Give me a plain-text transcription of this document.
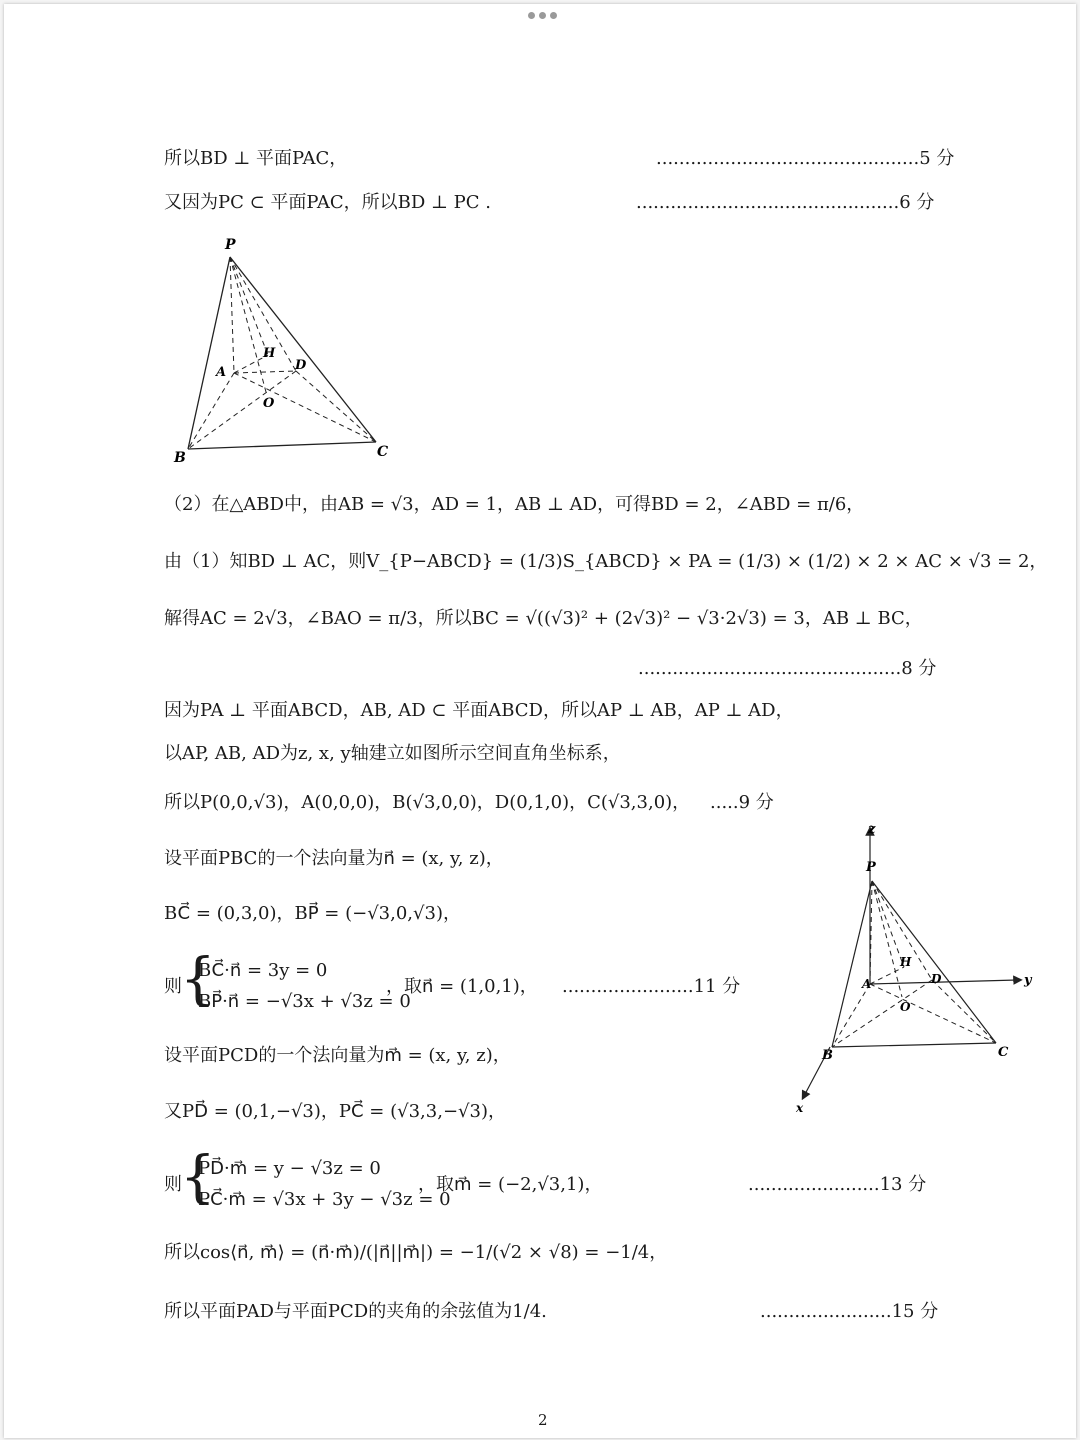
所以BD ⊥ 平面PAC，	..............................................5 分
又因为PC ⊂ 平面PAC，所以BD ⊥ PC .	..............................................6 分
P
A
H
D
O
B	C
（2）在△ABD中，由AB = √3，AD = 1，AB ⊥ AD，可得BD = 2，∠ABD = π/6，
由（1）知BD ⊥ AC，则V_{P−ABCD} = (1/3)S_{ABCD} × PA = (1/3) × (1/2) × 2 × AC × √3 = 2，
解得AC = 2√3，∠BAO = π/3，所以BC = √((√3)² + (2√3)² − √3·2√3) = 3，AB ⊥ BC，
..............................................8 分
因为PA ⊥ 平面ABCD，AB, AD ⊂ 平面ABCD，所以AP ⊥ AB，AP ⊥ AD，
以AP, AB, AD为z, x, y轴建立如图所示空间直角坐标系，
所以P(0,0,√3)，A(0,0,0)，B(√3,0,0)，D(0,1,0)，C(√3,3,0)， .....9 分
设平面PBC的一个法向量为n⃗ = (x, y, z)，
BC⃗ = (0,3,0)，BP⃗ = (−√3,0,√3)，
则
{
BC⃗·n⃗ = 3y = 0
BP⃗·n⃗ = −√3x + √3z = 0
，取n⃗ = (1,0,1)， .......................11 分
设平面PCD的一个法向量为m⃗ = (x, y, z)，
又PD⃗ = (0,1,−√3)，PC⃗ = (√3,3,−√3)，
则
{
PD⃗·m⃗ = y − √3z = 0
PC⃗·m⃗ = √3x + 3y − √3z = 0
，取m⃗ = (−2,√3,1)，	.......................13 分
所以cos⟨n⃗, m⃗⟩ = (n⃗·m⃗)/(|n⃗||m⃗|) = −1/(√2 × √8) = −1/4，
所以平面PAD与平面PCD的夹角的余弦值为1/4.	.......................15 分
z
P
H
A	D	y
O
B	C
x
2
